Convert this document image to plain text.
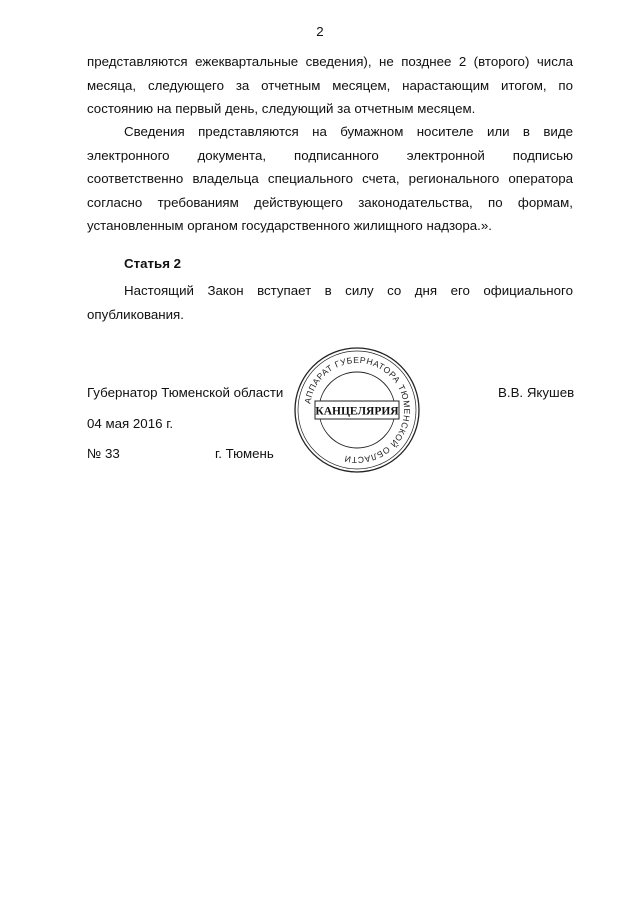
2
представляются ежеквартальные сведения), не позднее 2 (второго) числа месяца, следующего за отчетным месяцем, нарастающим итогом, по состоянию на первый день, следующий за отчетным месяцем.
Сведения представляются на бумажном носителе или в виде электронного документа, подписанного электронной подписью соответственно владельца специального счета, регионального оператора согласно требованиям действующего законодательства, по формам, установленным органом государственного жилищного надзора.».
Статья 2
Настоящий Закон вступает в силу со дня его официального опубликования.
Губернатор Тюменской области	В.В. Якушев
04 мая 2016 г.
№ 33	г. Тюмень
АППАРАТ ГУБЕРНАТОРА ТЮМЕНСКОЙ ОБЛАСТИ
КАНЦЕЛЯРИЯ
